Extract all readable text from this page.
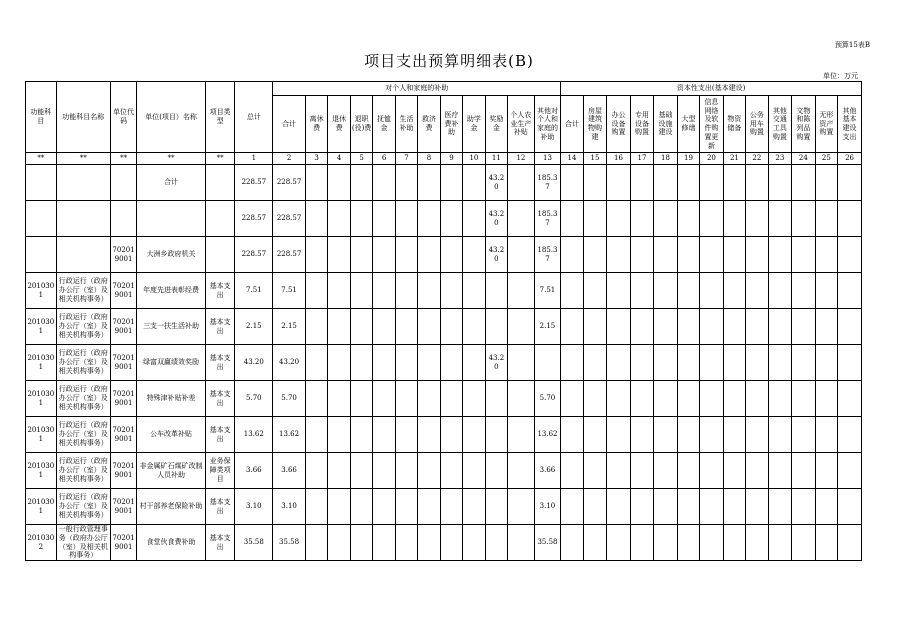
预算15表B
项目支出预算明细表(B)
单位：万元
功能科目	功能科目名称	单位代码	单位(项目）名称	项目类型	总计	对个人和家庭的补助												资本性支出(基本建设)												
						合计	离休费	退休费	退职(役)费	抚恤金	生活补助	救济费	医疗费补助	助学金	奖励金	个人农业生产补贴	其他对个人和家庭的补助	合计	房屋建筑物购建	办公设备购置	专用设备购置	基础设施建设	大型修缮	信息网络及软件购置更新	物资储备	公务用车购置	其他交通工具购置	文物和陈列品购置	无形资产购置	其他基本建设支出
**	**	**	**	**	1	2	3	4	5	6	7	8	9	10	11	12	13	14	15	16	17	18	19	20	21	22	23	24	25	26
			合计		228.57	228.57									43.20		185.37													
					228.57	228.57									43.20		185.37													
		702019001	大洲乡政府机关		228.57	228.57									43.20		185.37													
2010301	行政运行（政府办公厅（室）及相关机构事务）	702019001	年度先进表彰经费	基本支出	7.51	7.51											7.51													
2010301	行政运行（政府办公厅（室）及相关机构事务）	702019001	三支一扶生活补助	基本支出	2.15	2.15											2.15													
2010301	行政运行（政府办公厅（室）及相关机构事务）	702019001	绿富双赢绩效奖励	基本支出	43.20	43.20									43.20															
2010301	行政运行（政府办公厅（室）及相关机构事务）	702019001	特殊津补贴补差	基本支出	5.70	5.70											5.70													
2010301	行政运行（政府办公厅（室）及相关机构事务）	702019001	公车改革补贴	基本支出	13.62	13.62											13.62													
2010301	行政运行（政府办公厅（室）及相关机构事务）	702019001	非金属矿石煤矿改制人员补助	业务保障类项目	3.66	3.66											3.66													
2010301	行政运行（政府办公厅（室）及相关机构事务）	702019001	村干部养老保险补助	基本支出	3.10	3.10											3.10													
2010302	一般行政管理事务（政府办公厅（室）及相关机构事务）	702019001	食堂伙食费补助	基本支出	35.58	35.58											35.58													
